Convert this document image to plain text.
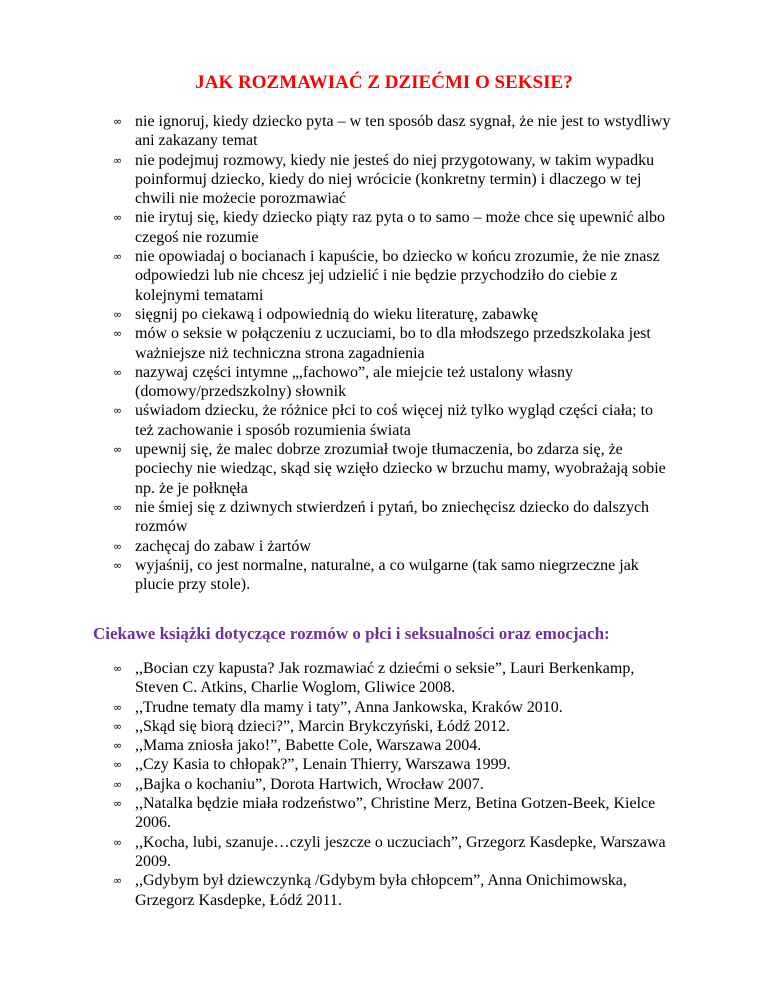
JAK ROZMAWIAĆ Z DZIEĆMI O SEKSIE?
∞ nie ignoruj, kiedy dziecko pyta – w ten sposób dasz sygnał, że nie jest to wstydliwy ani zakazany temat
∞ nie podejmuj rozmowy, kiedy nie jesteś do niej przygotowany, w takim wypadku poinformuj dziecko, kiedy do niej wrócicie (konkretny termin) i dlaczego w tej chwili nie możecie porozmawiać
∞ nie irytuj się, kiedy dziecko piąty raz pyta o to samo – może chce się upewnić albo czegoś nie rozumie
∞ nie opowiadaj o bocianach i kapuście, bo dziecko w końcu zrozumie, że nie znasz odpowiedzi lub nie chcesz jej udzielić i nie będzie przychodziło do ciebie z kolejnymi tematami
∞ sięgnij po ciekawą i odpowiednią do wieku literaturę, zabawkę
∞ mów o seksie w połączeniu z uczuciami, bo to dla młodszego przedszkolaka jest ważniejsze niż techniczna strona zagadnienia
∞ nazywaj części intymne „,fachowo”, ale miejcie też ustalony własny (domowy/przedszkolny) słownik
∞ uświadom dziecku, że różnice płci to coś więcej niż tylko wygląd części ciała; to też zachowanie i sposób rozumienia świata
∞ upewnij się, że malec dobrze zrozumiał twoje tłumaczenia, bo zdarza się, że pociechy nie wiedząc, skąd się wzięło dziecko w brzuchu mamy, wyobrażają sobie np. że je połknęła
∞ nie śmiej się z dziwnych stwierdzeń i pytań, bo zniechęcisz dziecko do dalszych rozmów
∞ zachęcaj do zabaw i żartów
∞ wyjaśnij, co jest normalne, naturalne, a co wulgarne (tak samo niegrzeczne jak plucie przy stole).
Ciekawe książki dotyczące rozmów o płci i seksualności oraz emocjach:
∞ ,,Bocian czy kapusta? Jak rozmawiać z dziećmi o seksie”, Lauri Berkenkamp, Steven C. Atkins, Charlie Woglom, Gliwice 2008.
∞ ,,Trudne tematy dla mamy i taty”, Anna Jankowska, Kraków 2010.
∞ ,,Skąd się biorą dzieci?”, Marcin Brykczyński, Łódź 2012.
∞ ,,Mama zniosła jako!”, Babette Cole, Warszawa 2004.
∞ ,,Czy Kasia to chłopak?”, Lenain Thierry, Warszawa 1999.
∞ ,,Bajka o kochaniu”, Dorota Hartwich, Wrocław 2007.
∞ ,,Natalka będzie miała rodzeństwo”, Christine Merz, Betina Gotzen-Beek, Kielce 2006.
∞ ,,Kocha, lubi, szanuje…czyli jeszcze o uczuciach”, Grzegorz Kasdepke, Warszawa 2009.
∞ ,,Gdybym był dziewczynką /Gdybym była chłopcem”, Anna Onichimowska, Grzegorz Kasdepke, Łódź 2011.
